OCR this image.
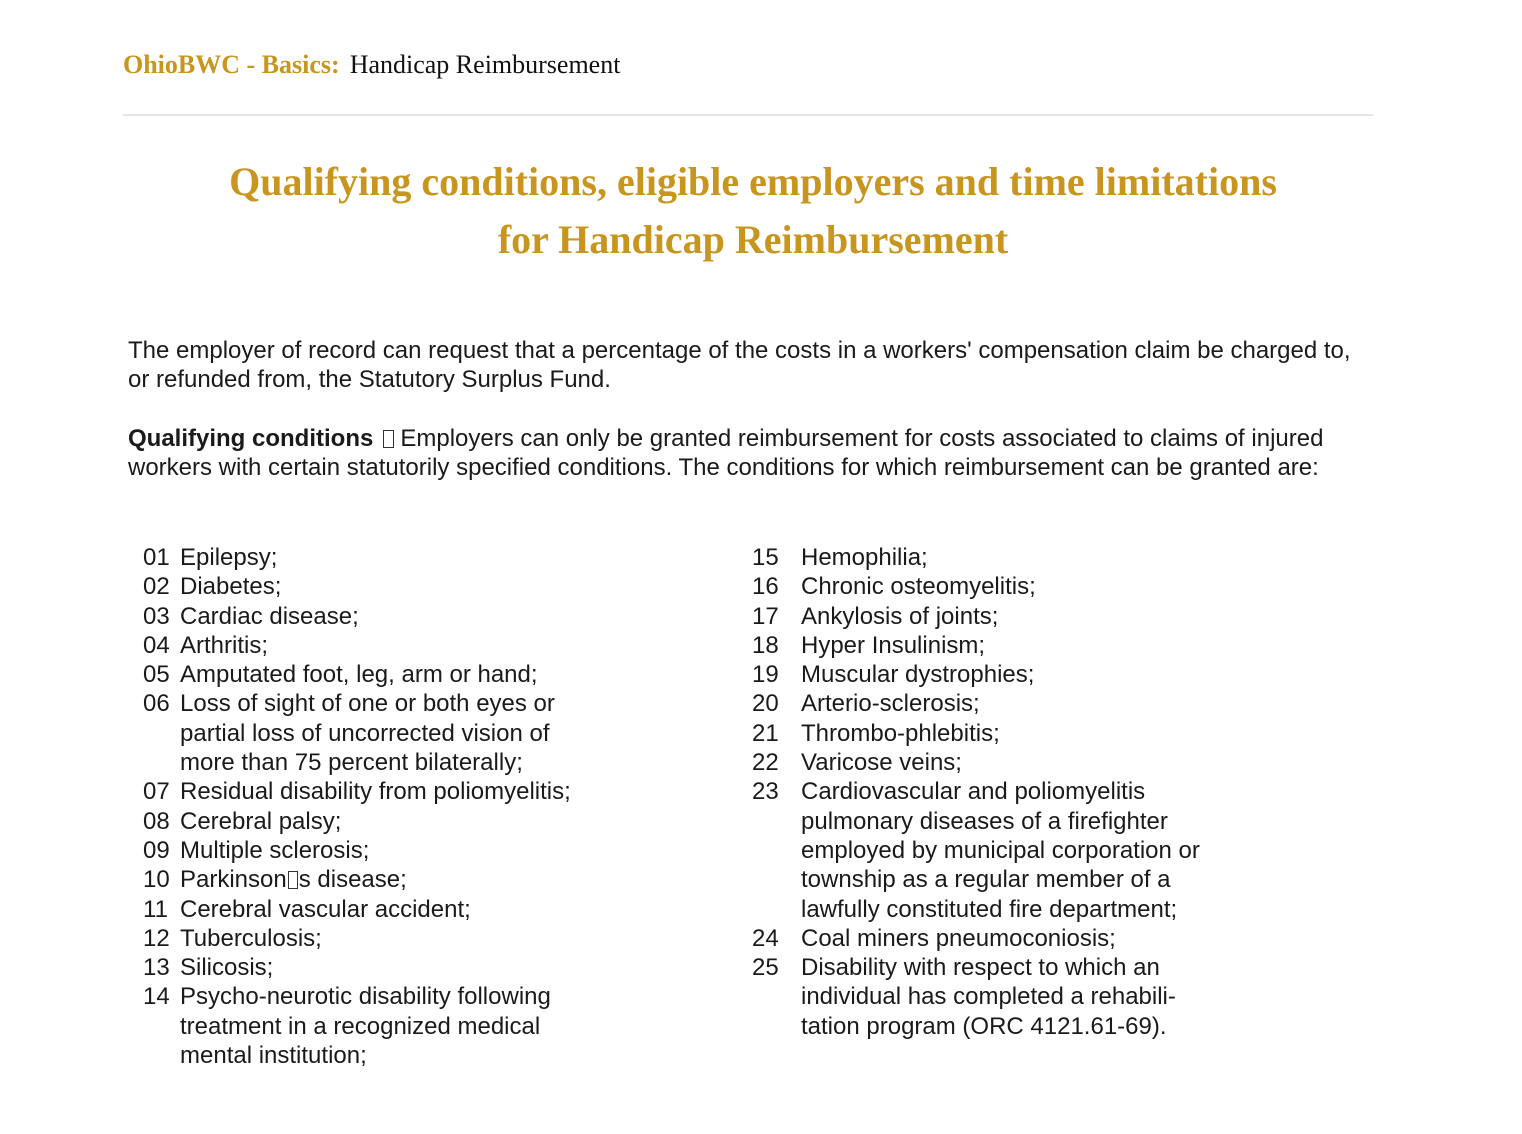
OhioBWC - Basics: Handicap Reimbursement
Qualifying conditions, eligible employers and time limitations
for Handicap Reimbursement

The employer of record can request that a percentage of the costs in a workers' compensation claim be charged to, or refunded from, the Statutory Surplus Fund.

Qualifying conditions Employers can only be granted reimbursement for costs associated to claims of injured workers with certain statutorily specified conditions. The conditions for which reimbursement can be granted are:

01 Epilepsy;
02 Diabetes;
03 Cardiac disease;
04 Arthritis;
05 Amputated foot, leg, arm or hand;
06 Loss of sight of one or both eyes or partial loss of uncorrected vision of more than 75 percent bilaterally;
07 Residual disability from poliomyelitis;
08 Cerebral palsy;
09 Multiple sclerosis;
10 Parkinson s disease;
11 Cerebral vascular accident;
12 Tuberculosis;
13 Silicosis;
14 Psycho-neurotic disability following treatment in a recognized medical mental institution;
15 Hemophilia;
16 Chronic osteomyelitis;
17 Ankylosis of joints;
18 Hyper Insulinism;
19 Muscular dystrophies;
20 Arterio-sclerosis;
21 Thrombo-phlebitis;
22 Varicose veins;
23 Cardiovascular and poliomyelitis pulmonary diseases of a firefighter employed by municipal corporation or township as a regular member of a lawfully constituted fire department;
24 Coal miners pneumoconiosis;
25 Disability with respect to which an individual has completed a rehabili- tation program (ORC 4121.61-69).
